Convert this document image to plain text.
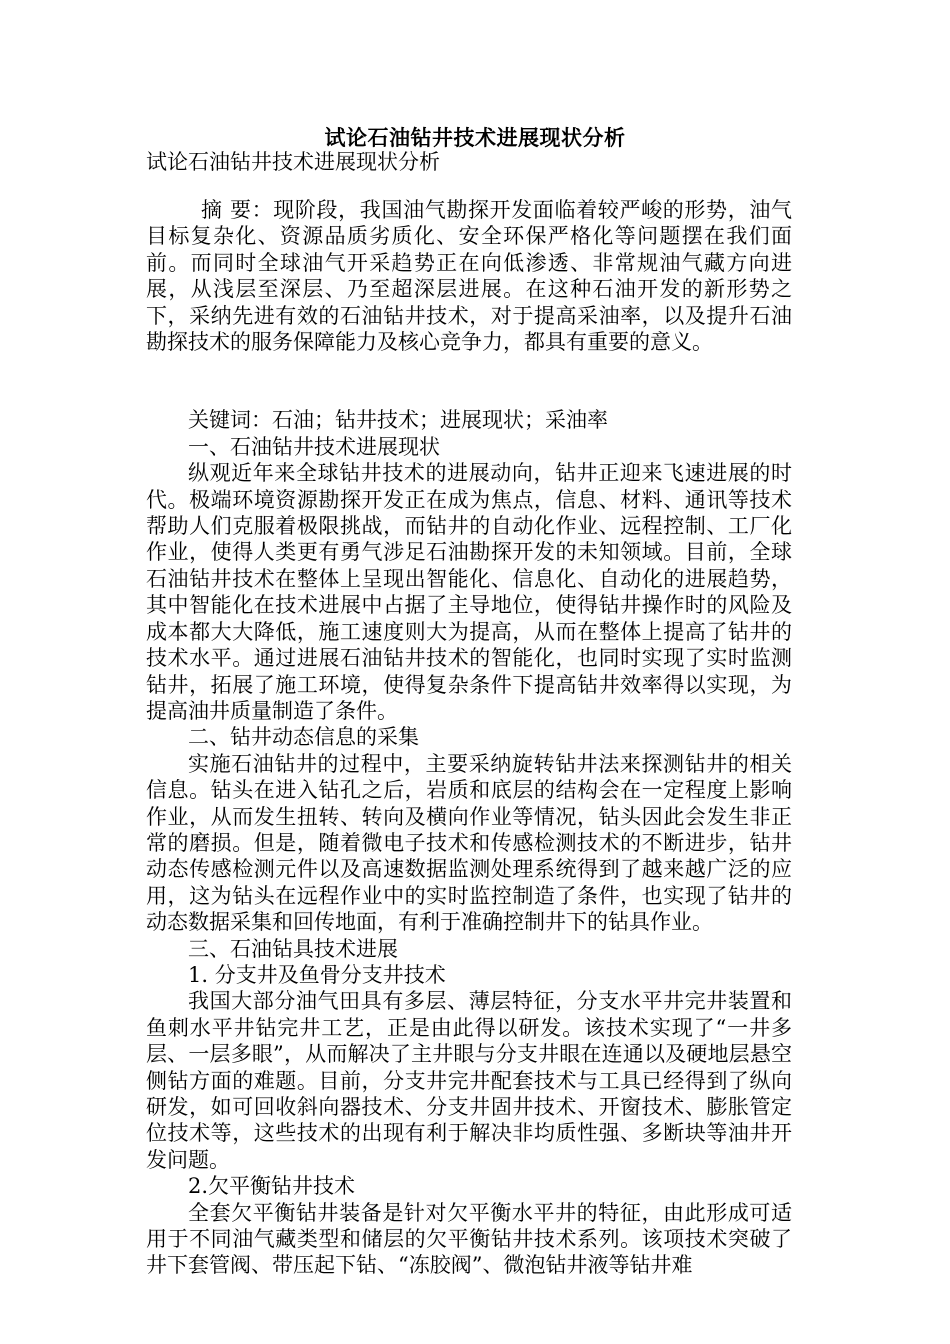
试论石油钻井技术进展现状分析
试论石油钻井技术进展现状分析

摘 要：现阶段，我国油气勘探开发面临着较严峻的形势，油气目标复杂化、资源品质劣质化、安全环保严格化等问题摆在我们面前。而同时全球油气开采趋势正在向低渗透、非常规油气藏方向进展，从浅层至深层、乃至超深层进展。在这种石油开发的新形势之下，采纳先进有效的石油钻井技术，对于提高采油率，以及提升石油勘探技术的服务保障能力及核心竞争力，都具有重要的意义。

关键词：石油；钻井技术；进展现状；采油率

一、石油钻井技术进展现状

纵观近年来全球钻井技术的进展动向，钻井正迎来飞速进展的时代。极端环境资源勘探开发正在成为焦点，信息、材料、通讯等技术帮助人们克服着极限挑战，而钻井的自动化作业、远程控制、工厂化作业，使得人类更有勇气涉足石油勘探开发的未知领域。目前，全球石油钻井技术在整体上呈现出智能化、信息化、自动化的进展趋势，其中智能化在技术进展中占据了主导地位，使得钻井操作时的风险及成本都大大降低，施工速度则大为提高，从而在整体上提高了钻井的技术水平。通过进展石油钻井技术的智能化，也同时实现了实时监测钻井，拓展了施工环境，使得复杂条件下提高钻井效率得以实现，为提高油井质量制造了条件。

二、钻井动态信息的采集

实施石油钻井的过程中，主要采纳旋转钻井法来探测钻井的相关信息。钻头在进入钻孔之后，岩质和底层的结构会在一定程度上影响作业，从而发生扭转、转向及横向作业等情况，钻头因此会发生非正常的磨损。但是，随着微电子技术和传感检测技术的不断进步，钻井动态传感检测元件以及高速数据监测处理系统得到了越来越广泛的应用，这为钻头在远程作业中的实时监控制造了条件，也实现了钻井的动态数据采集和回传地面，有利于准确控制井下的钻具作业。

三、石油钻具技术进展

1. 分支井及鱼骨分支井技术

我国大部分油气田具有多层、薄层特征，分支水平井完井装置和鱼刺水平井钻完井工艺，正是由此得以研发。该技术实现了“一井多层、一层多眼”，从而解决了主井眼与分支井眼在连通以及硬地层悬空侧钻方面的难题。目前，分支井完井配套技术与工具已经得到了纵向研发，如可回收斜向器技术、分支井固井技术、开窗技术、膨胀管定位技术等，这些技术的出现有利于解决非均质性强、多断块等油井开发问题。

2.欠平衡钻井技术

全套欠平衡钻井装备是针对欠平衡水平井的特征，由此形成可适用于不同油气藏类型和储层的欠平衡钻井技术系列。该项技术突破了井下套管阀、带压起下钻、“冻胶阀”、微泡钻井液等钻井难
